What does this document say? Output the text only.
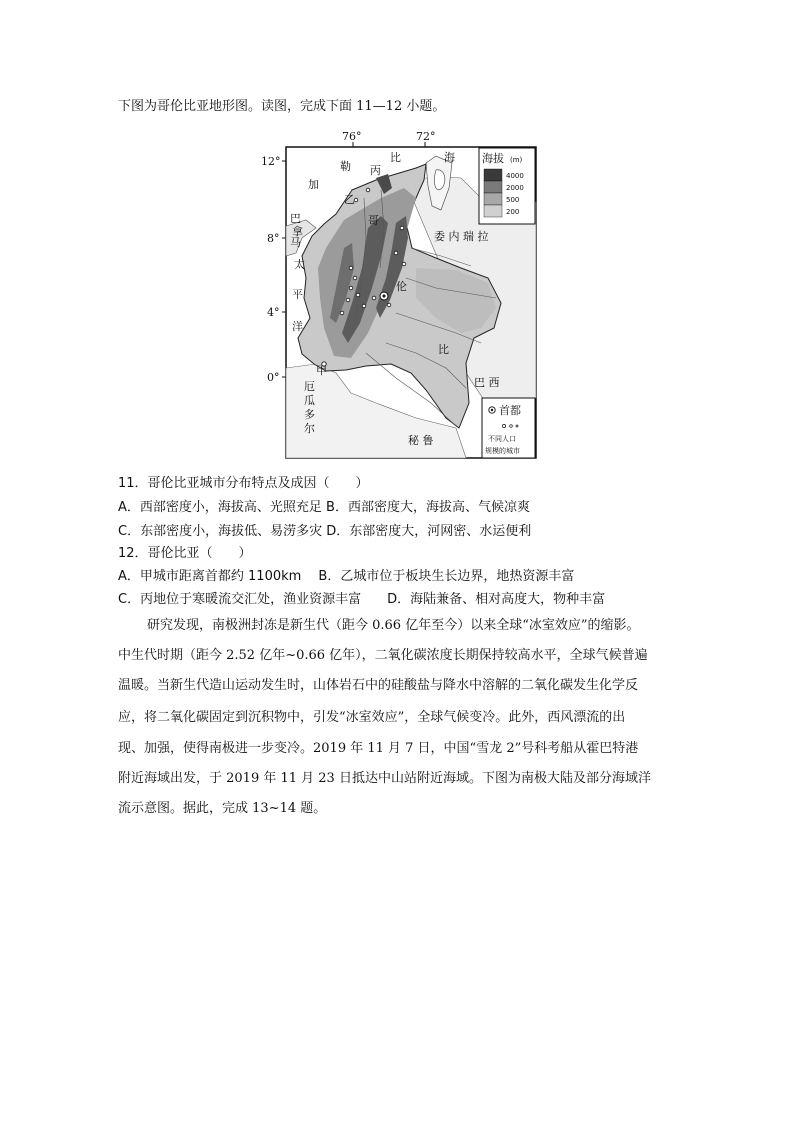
下图为哥伦比亚地形图。读图，完成下面 11—12 小题。
76°	72°
12°
8°
4°
0°
加
勒
比	海
巴
拿
马
太
平
洋
厄
瓜
多
尔
秘 鲁
委 内 瑞 拉
巴 西
比
哥
伦
丙
乙
甲
海拔 (m)
4000
2000
500
200
首都
不同人口
规模的城市
11．哥伦比亚城市分布特点及成因（　　）
A．西部密度小，海拔高、光照充足 B．西部密度大，海拔高、气候凉爽
C．东部密度小，海拔低、易涝多灾 D．东部密度大，河网密、水运便利
12．哥伦比亚（　　）
A．甲城市距离首都约 1100km　 B．乙城市位于板块生长边界，地热资源丰富
C．丙地位于寒暖流交汇处，渔业资源丰富　　D．海陆兼备、相对高度大，物种丰富
研究发现，南极洲封冻是新生代（距今 0.66 亿年至今）以来全球“冰室效应”的缩影。
中生代时期（距今 2.52 亿年~0.66 亿年），二氧化碳浓度长期保持较高水平，全球气候普遍
温暖。当新生代造山运动发生时，山体岩石中的硅酸盐与降水中溶解的二氧化碳发生化学反
应，将二氧化碳固定到沉积物中，引发“冰室效应”，全球气候变冷。此外，西风漂流的出
现、加强，使得南极进一步变冷。2019 年 11 月 7 日，中国“雪龙 2”号科考船从霍巴特港
附近海域出发，于 2019 年 11 月 23 日抵达中山站附近海域。下图为南极大陆及部分海域洋
流示意图。据此，完成 13~14 题。
